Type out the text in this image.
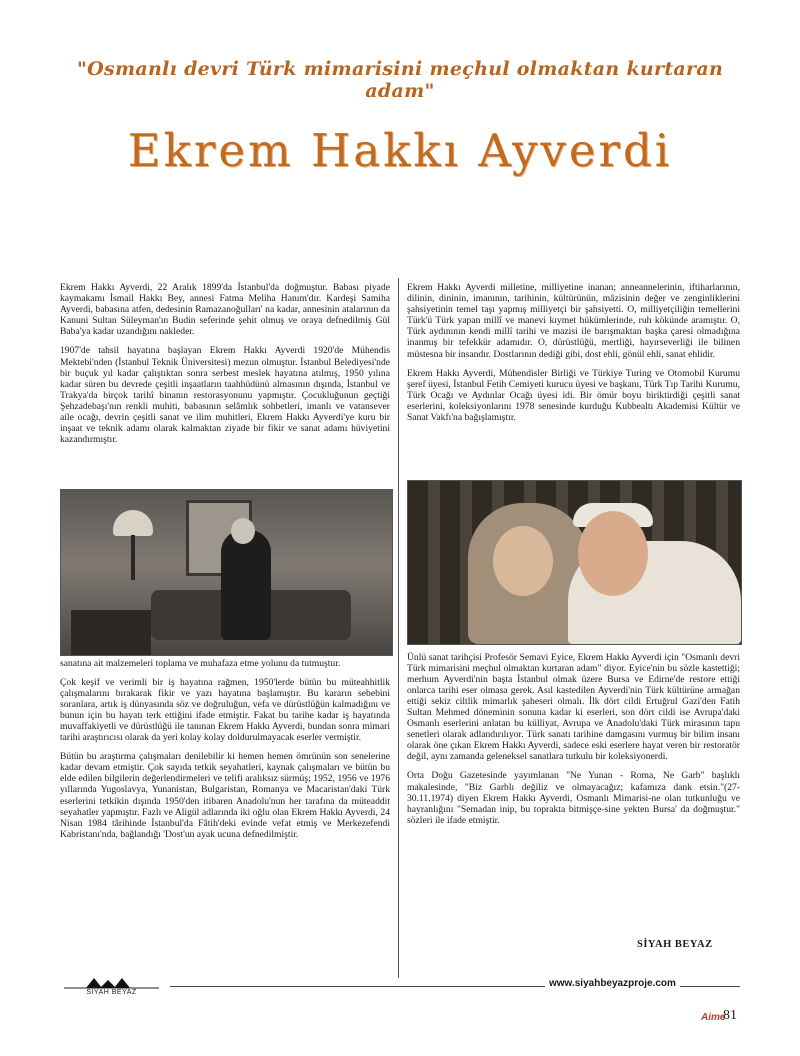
"Osmanlı devri Türk mimarisini meçhul olmaktan kurtaran adam"
Ekrem Hakkı Ayverdi

Ekrem Hakkı Ayverdi, 22 Aralık 1899'da İstanbul'da doğmuştur. Babası piyade kaymakamı İsmail Hakkı Bey, annesi Fatma Meliha Hanım'dır. Kardeşi Samiha Ayverdi, babasına atfen, dedesinin Ramazanoğulları' na kadar, annesinin atalarının da Kanuni Sultan Süleyman'ın Budin seferinde şehit olmuş ve oraya defnedilmiş Gül Baba'ya kadar uzandığını nakleder.

1907'de tahsil hayatına başlayan Ekrem Hakkı Ayverdi 1920'de Mühendis Mektebi'nden (İstanbul Teknik Üniversitesi) mezun olmuştur. İstanbul Belediyesi'nde bir buçuk yıl kadar çalıştıktan sonra serbest meslek hayatına atılmış, 1950 yılına kadar süren bu devrede çeşitli inşaatların taahhüdünü almasının dışında, İstanbul ve Trakya'da birçok tarihî binanın restorasyonunu yapmıştır. Çocukluğunun geçtiği Şehzadebaşı'nın renkli muhiti, babasının selâmlık sohbetleri, imanlı ve vatansever aile ocağı, devrin çeşitli sanat ve ilim muhitleri, Ekrem Hakkı Ayverdi'ye kuru bir inşaat ve teknik adamı olarak kalmaktan ziyade bir fikir ve sanat adamı hüviyetini kazandırmıştır.

sanatına ait malzemeleri toplama ve muhafaza etme yolunu da tutmuştur.

Çok keşif ve verimli bir iş hayatına rağmen, 1950'lerde bütün bu müteahhitlik çalışmalarını bırakarak fikir ve yazı hayatına başlamıştır. Bu kararın sebebini soranlara, artık iş dünyasında söz ve doğruluğun, vefa ve dürüstlüğün kalmadığını ve bunun için bu hayatı terk ettiğini ifade etmiştir. Fakat bu tarihe kadar iş hayatında muvaffakiyetli ve dürüstlüğü ile tanınan Ekrem Hakkı Ayverdi, bundan sonra mimari tarihi araştırıcısı olarak da yeri kolay kolay doldurulmayacak eserler vermiştir.

Bütün bu araştırma çalışmaları denilebilir ki hemen hemen ömrünün son senelerine kadar devam etmiştir. Çok sayıda tetkik seyahatleri, kaynak çalışmaları ve bütün bu elde edilen bilgilerin değerlendirmeleri ve telifi aralıksız sürmüş; 1952, 1956 ve 1976 yıllarında Yugoslavya, Yunanistan, Bulgaristan, Romanya ve Macaristan'daki Türk eserlerini tetkikin dışında 1950'den itibaren Anadolu'nun her tarafına da müteaddit seyahatler yapmıştır. Fazlı ve Aligül adlarında iki oğlu olan Ekrem Hakkı Ayverdi, 24 Nisan 1984 târihinde İstanbul'da Fâtih'deki evinde vefat etmiş ve Merkezefendi Kabristanı'nda, bağlandığı 'Dost'un ayak ucuna defnedilmiştir.

Ekrem Hakkı Ayverdi milletine, milliyetine inanan; anneannelerinin, iftiharlarının, dilinin, dininin, imanının, tarihinin, kültürünün, mâzisinin değer ve zenginliklerini şahsiyetinin temel taşı yapmış milliyetçi bir şahsiyetti. O, milliyetçiliğin temellerini Türk'ü Türk yapan millî ve manevi kıymet hükümlerinde, ruh kökünde aramıştır. O, Türk aydınının kendi millî tarihi ve mazisi ile barışmaktan başka çaresi olmadığına inanmış bir tefekkür adamıdır. O, dürüstlüğü, mertliği, hayırseverliği ile bilinen müstesna bir insandır. Dostlarının dediği gibi, dost ehli, gönül ehli, sanat ehlidir.

Ekrem Hakkı Ayverdi, Mühendisler Birliği ve Türkiye Turing ve Otomobil Kurumu şeref üyesi, İstanbul Fetih Cemiyeti kurucu üyesi ve başkanı, Türk Tıp Tarihi Kurumu, Türk Ocağı ve Aydınlar Ocağı üyesi idi. Bir ömür boyu biriktirdiği çeşitli sanat eserlerini, koleksiyonlarını 1978 senesinde kurduğu Kubbealtı Akademisi Kültür ve Sanat Vakfı'na bağışlamıştır.

Ünlü sanat tarihçisi Profesör Semavi Eyice, Ekrem Hakkı Ayverdi için "Osmanlı devri Türk mimarisini meçhul olmaktan kurtaran adam" diyor. Eyice'nin bu sözle kastettiği; merhum Ayverdi'nin başta İstanbul olmak üzere Bursa ve Edirne'de restore ettiği onlarca tarihi eser olmasa gerek. Asıl kastedilen Ayverdi'nin Türk kültürüne armağan ettiği sekiz ciltlik mimarlık şaheseri olmalı. İlk dört cildi Ertuğrul Gazi'den Fatih Sultan Mehmed döneminin sonuna kadar ki eserleri, son dört cildi ise Avrupa'daki Osmanlı eserlerini anlatan bu külliyat, Avrupa ve Anadolu'daki Türk mirasının tapu senetleri olarak adlandırılıyor. Türk sanatı tarihine damgasını vurmuş bir bilim insanı olarak öne çıkan Ekrem Hakkı Ayverdi, sadece eski eserlere hayat veren bir restoratör değil, aynı zamanda geleneksel sanatlara tutkulu bir koleksiyonerdi.

Orta Doğu Gazetesinde yayımlanan "Ne Yunan - Roma, Ne Garb" başlıklı makalesinde, "Biz Garblı değiliz ve olmayacağız; kafamıza dank etsin."(27-30.11.1974) diyen Ekrem Hakkı Ayverdi, Osmanlı Mimarisi-ne olan tutkunluğu ve hayranlığını "Semadan inip, bu toprakta bitmişçe-sine yekten Bursa' da doğmuştur." sözleri ile ifade etmiştir.

SİYAH BEYAZ
SİYAH BEYAZ
www.siyahbeyazproje.com
Aime
81
